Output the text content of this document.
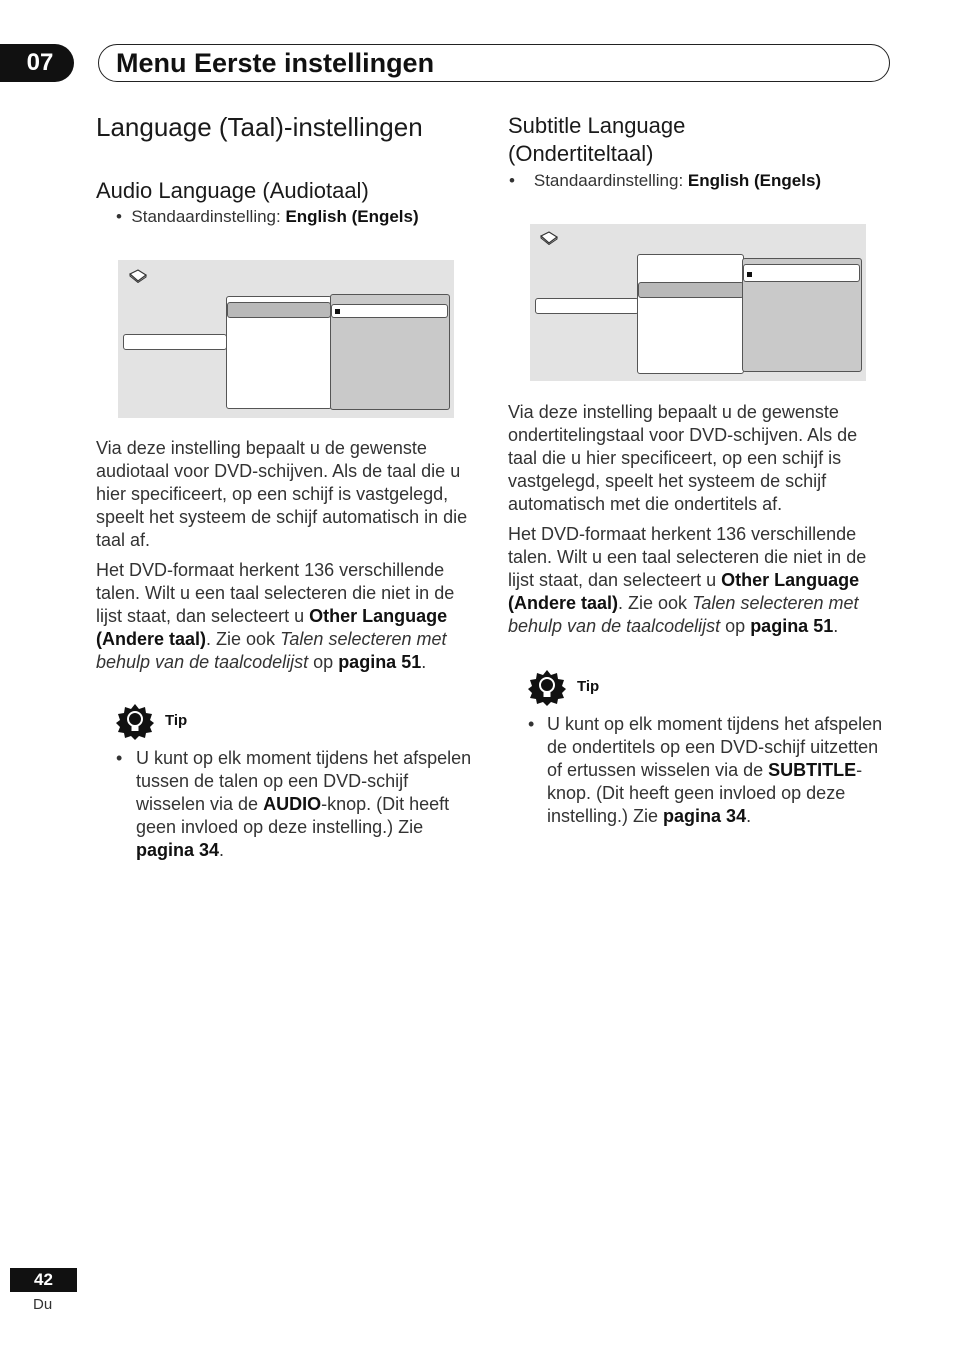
07	Menu Eerste instellingen
Language (Taal)-instellingen
Audio Language (Audiotaal)
• Standaardinstelling: English (Engels)

Via deze instelling bepaalt u de gewenste audiotaal voor DVD-schijven. Als de taal die u hier specificeert, op een schijf is vastgelegd, speelt het systeem de schijf automatisch in die taal af.

Het DVD-formaat herkent 136 verschillende talen. Wilt u een taal selecteren die niet in de lijst staat, dan selecteert u Other Language (Andere taal). Zie ook Talen selecteren met behulp van de taalcodelijst op pagina 51.

Tip
• U kunt op elk moment tijdens het afspelen tussen de talen op een DVD-schijf wisselen via de AUDIO-knop. (Dit heeft geen invloed op deze instelling.) Zie pagina 34.

Subtitle Language
(Ondertiteltaal)
• Standaardinstelling: English (Engels)

Via deze instelling bepaalt u de gewenste ondertitelingstaal voor DVD-schijven. Als de taal die u hier specificeert, op een schijf is vastgelegd, speelt het systeem de schijf automatisch met die ondertitels af.

Het DVD-formaat herkent 136 verschillende talen. Wilt u een taal selecteren die niet in de lijst staat, dan selecteert u Other Language (Andere taal). Zie ook Talen selecteren met behulp van de taalcodelijst op pagina 51.

Tip
• U kunt op elk moment tijdens het afspelen de ondertitels op een DVD-schijf uitzetten of ertussen wisselen via de SUBTITLE-knop. (Dit heeft geen invloed op deze instelling.) Zie pagina 34.

42
Du
